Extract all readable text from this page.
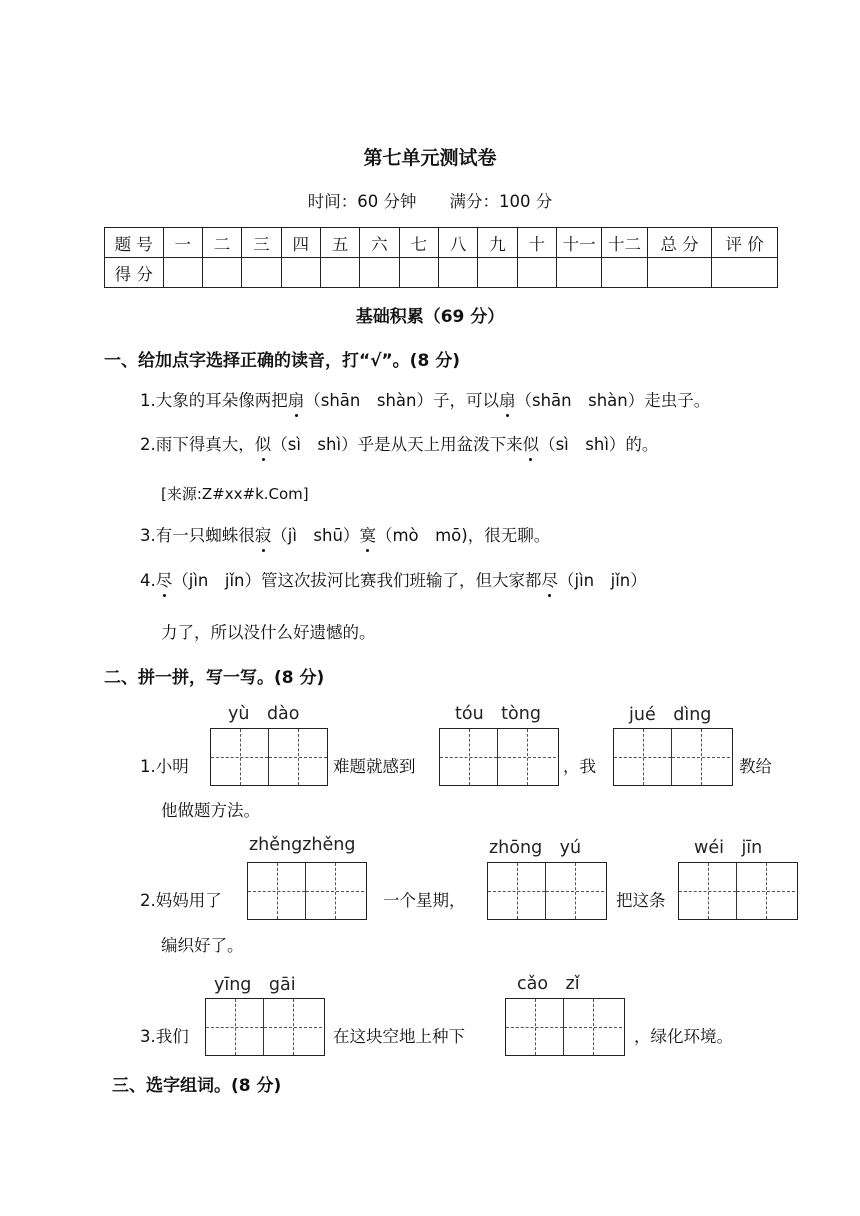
第七单元测试卷
时间：60 分钟　　满分：100 分
题 号	一	二	三	四	五	六	七	八	九	十	十一	十二	总 分	评 价
得 分														
基础积累（69 分）
一、给加点字选择正确的读音，打“√”。(8 分)
1.大象的耳朵像两把扇（shān　shàn）子，可以扇（shān　shàn）走虫子。
2.雨下得真大，似（sì　shì）乎是从天上用盆泼下来似（sì　shì）的。
[来源:Z#xx#k.Com]
3.有一只蜘蛛很寂（jì　shū）寞（mò　mō)，很无聊。
4.尽（jìn　jǐn）管这次拔河比赛我们班输了，但大家都尽（jìn　jǐn）
力了，所以没什么好遗憾的。
二、拼一拼，写一写。(8 分)
yù　dào	tóu　tòng	jué　dìng
1.小明	难题就感到	，我	教给
他做题方法。
zhěngzhěng	zhōng　yú	wéi　jīn
2.妈妈用了	一个星期，	把这条
编织好了。
yīng　gāi	cǎo　zǐ
3.我们	在这块空地上种下	，绿化环境。
三、选字组词。(8 分)
